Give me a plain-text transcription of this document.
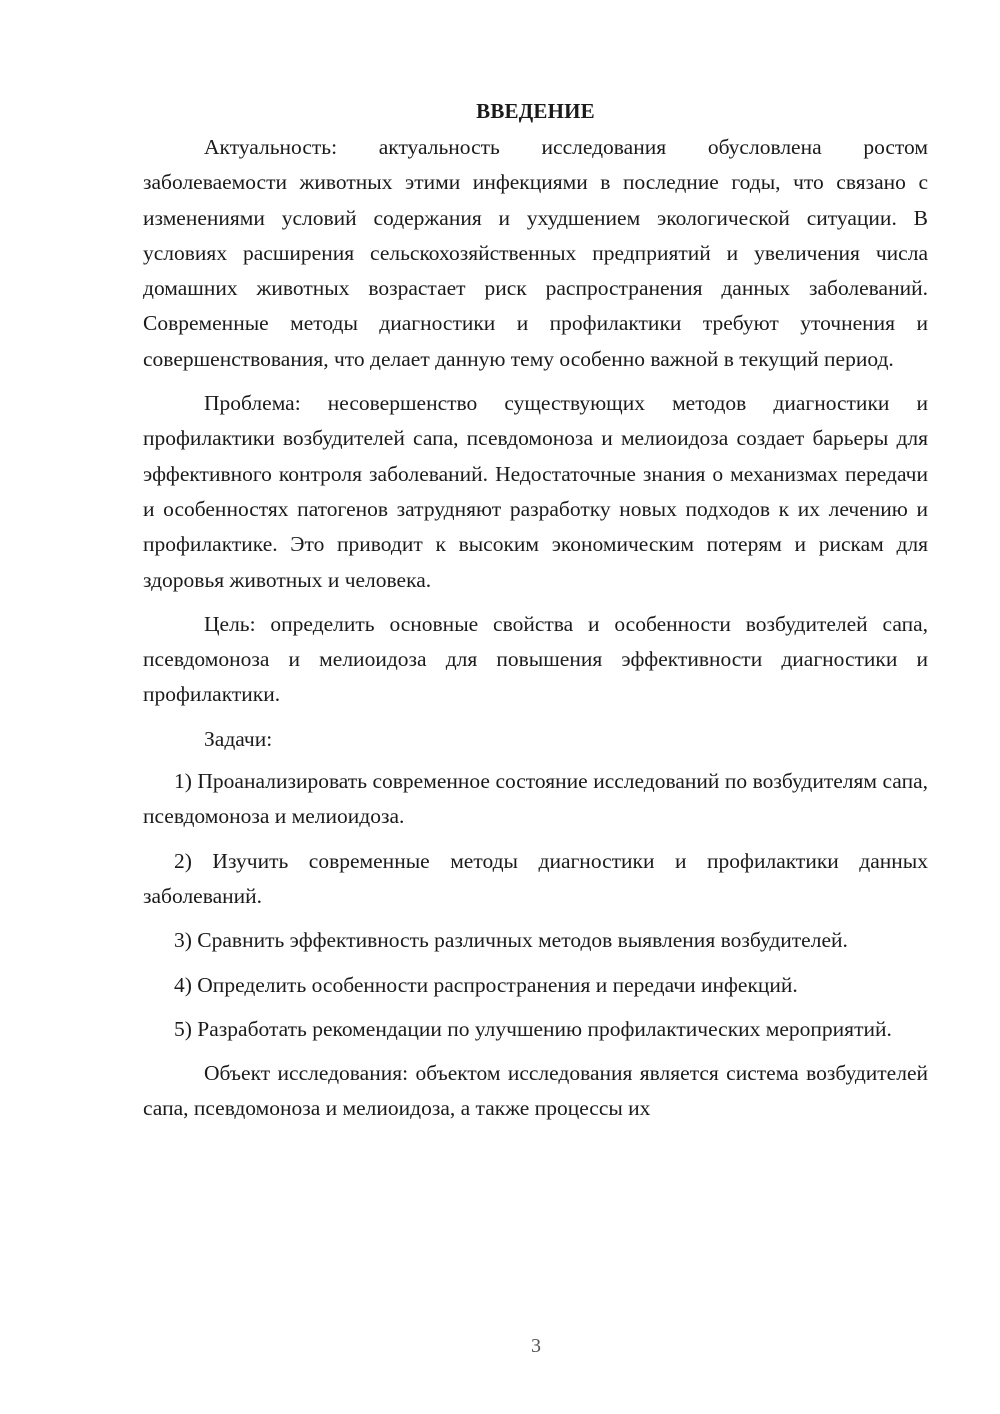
ВВЕДЕНИЕ

Актуальность: актуальность исследования обусловлена ростом заболеваемости животных этими инфекциями в последние годы, что связано с изменениями условий содержания и ухудшением экологической ситуации. В условиях расширения сельскохозяйственных предприятий и увеличения числа домашних животных возрастает риск распространения данных заболеваний. Современные методы диагностики и профилактики требуют уточнения и совершенствования, что делает данную тему особенно важной в текущий период.

Проблема: несовершенство существующих методов диагностики и профилактики возбудителей сапа, псевдомоноза и мелиоидоза создает барьеры для эффективного контроля заболеваний. Недостаточные знания о механизмах передачи и особенностях патогенов затрудняют разработку новых подходов к их лечению и профилактике. Это приводит к высоким экономическим потерям и рискам для здоровья животных и человека.

Цель: определить основные свойства и особенности возбудителей сапа, псевдомоноза и мелиоидоза для повышения эффективности диагностики и профилактики.

Задачи:

1) Проанализировать современное состояние исследований по возбудителям сапа, псевдомоноза и мелиоидоза.

2) Изучить современные методы диагностики и профилактики данных заболеваний.

3) Сравнить эффективность различных методов выявления возбудителей.

4) Определить особенности распространения и передачи инфекций.

5) Разработать рекомендации по улучшению профилактических мероприятий.

Объект исследования: объектом исследования является система возбудителей сапа, псевдомоноза и мелиоидоза, а также процессы их

3
